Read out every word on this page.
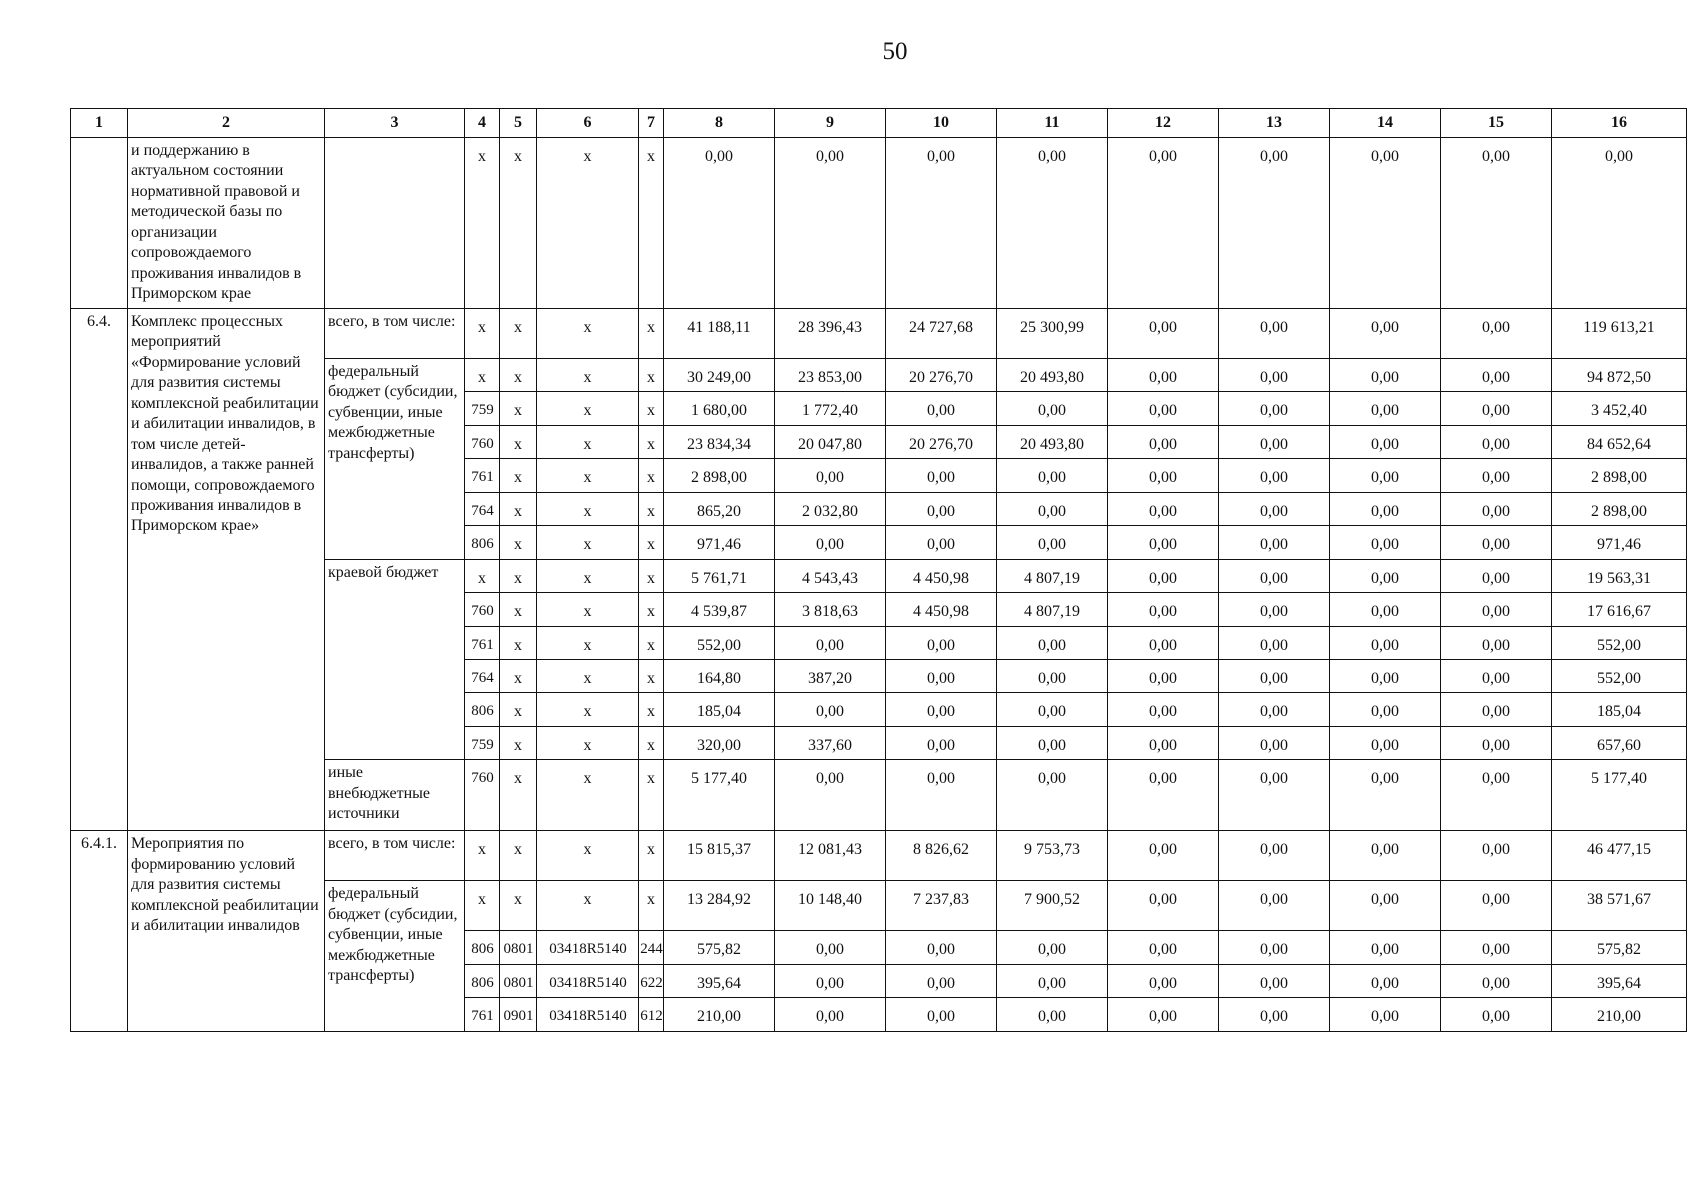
50
1	2	3	4	5	6	7	8	9	10	11	12	13	14	15	16
	и поддержанию в актуальном состоянии нормативной правовой и методической базы по организации сопровождаемого проживания инвалидов в Приморском крае		x	x	x	x	0,00	0,00	0,00	0,00	0,00	0,00	0,00	0,00	0,00
6.4.	Комплекс процессных мероприятий «Формирование условий для развития системы комплексной реабилитации и абилитации инвалидов, в том числе детей-инвалидов, а также ранней помощи, сопровождаемого проживания инвалидов в Приморском крае»	всего, в том числе:	x	x	x	x	41 188,11	28 396,43	24 727,68	25 300,99	0,00	0,00	0,00	0,00	119 613,21
		федеральный бюджет (субсидии, субвенции, иные межбюджетные трансферты)	x	x	x	x	30 249,00	23 853,00	20 276,70	20 493,80	0,00	0,00	0,00	0,00	94 872,50
			759	x	x	x	1 680,00	1 772,40	0,00	0,00	0,00	0,00	0,00	0,00	3 452,40
			760	x	x	x	23 834,34	20 047,80	20 276,70	20 493,80	0,00	0,00	0,00	0,00	84 652,64
			761	x	x	x	2 898,00	0,00	0,00	0,00	0,00	0,00	0,00	0,00	2 898,00
			764	x	x	x	865,20	2 032,80	0,00	0,00	0,00	0,00	0,00	0,00	2 898,00
			806	x	x	x	971,46	0,00	0,00	0,00	0,00	0,00	0,00	0,00	971,46
		краевой бюджет	x	x	x	x	5 761,71	4 543,43	4 450,98	4 807,19	0,00	0,00	0,00	0,00	19 563,31
			760	x	x	x	4 539,87	3 818,63	4 450,98	4 807,19	0,00	0,00	0,00	0,00	17 616,67
			761	x	x	x	552,00	0,00	0,00	0,00	0,00	0,00	0,00	0,00	552,00
			764	x	x	x	164,80	387,20	0,00	0,00	0,00	0,00	0,00	0,00	552,00
			806	x	x	x	185,04	0,00	0,00	0,00	0,00	0,00	0,00	0,00	185,04
			759	x	x	x	320,00	337,60	0,00	0,00	0,00	0,00	0,00	0,00	657,60
		иные внебюджетные источники	760	x	x	x	5 177,40	0,00	0,00	0,00	0,00	0,00	0,00	0,00	5 177,40
6.4.1.	Мероприятия по формированию условий для развития системы комплексной реабилитации и абилитации инвалидов	всего, в том числе:	x	x	x	x	15 815,37	12 081,43	8 826,62	9 753,73	0,00	0,00	0,00	0,00	46 477,15
		федеральный бюджет (субсидии, субвенции, иные межбюджетные трансферты)	x	x	x	x	13 284,92	10 148,40	7 237,83	7 900,52	0,00	0,00	0,00	0,00	38 571,67
			806	0801	03418R5140	244	575,82	0,00	0,00	0,00	0,00	0,00	0,00	0,00	575,82
			806	0801	03418R5140	622	395,64	0,00	0,00	0,00	0,00	0,00	0,00	0,00	395,64
			761	0901	03418R5140	612	210,00	0,00	0,00	0,00	0,00	0,00	0,00	0,00	210,00
